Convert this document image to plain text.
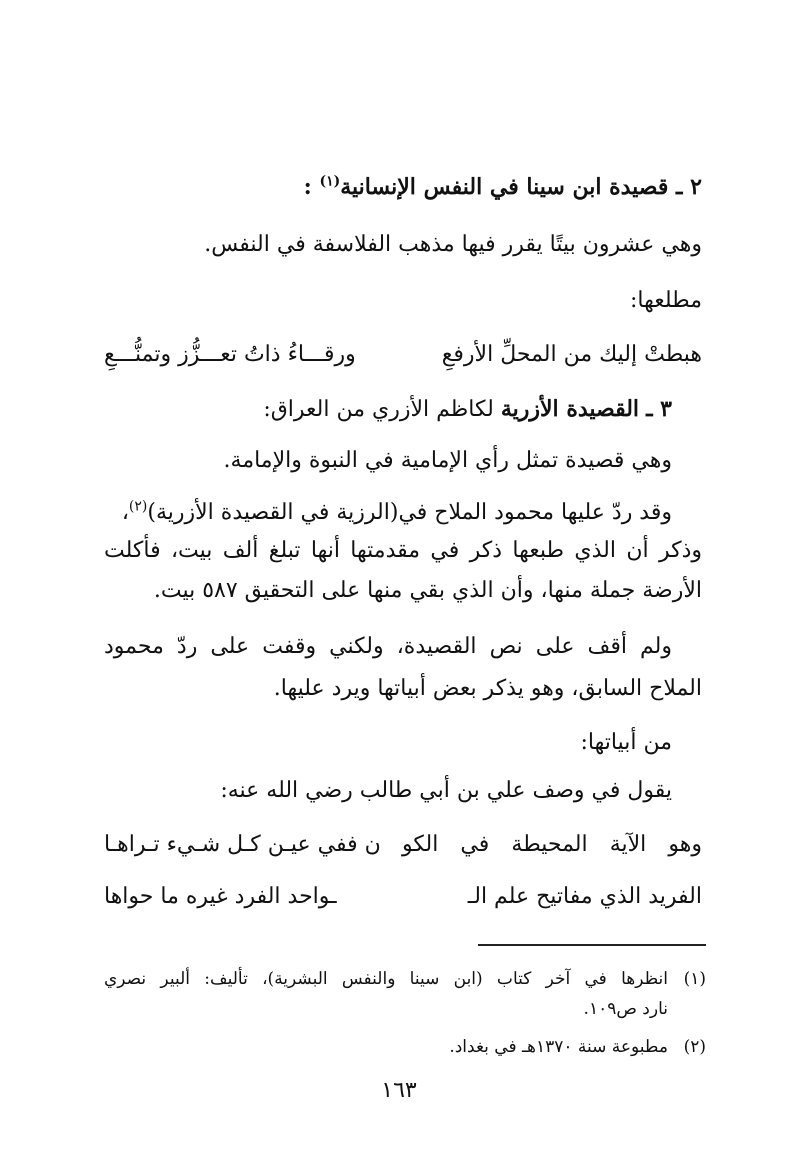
٢ ـ قصيدة ابن سينا في النفس الإنسانية$^{(١)}$ :
وهي عشرون بيتًا يقرر فيها مذهب الفلاسفة في النفس.
مطلعها:
هبطتْ إليك من المحلِّ الأرفعِ
ورقـــاءُ ذاتُ تعـــزُّز وتمنُّـــعِ
٣ ـ القصيدة الأزرية لكاظم الأزري من العراق:
وهي قصيدة تمثل رأي الإمامية في النبوة والإمامة.
وقد ردّ عليها محمود الملاح في(الرزية في القصيدة الأزرية)$^{(٢)}$،
وذكر أن الذي طبعها ذكر في مقدمتها أنها تبلغ ألف بيت، فأكلت
الأرضة جملة منها، وأن الذي بقي منها على التحقيق ٥٨٧ بيت.
ولم أقف على نص القصيدة، ولكني وقفت على ردّ محمود
الملاح السابق، وهو يذكر بعض أبياتها ويرد عليها.
من أبياتها:
يقول في وصف علي بن أبي طالب رضي الله عنه:
وهو الآية المحيطة في الكو
ن ففي عيـن كـل شـيء تـراهـا
الفريد الذي مفاتيح علم الـ
ـواحد الفرد غيره ما حواها
(١)
انظرها في آخر كتاب (ابن سينا والنفس البشرية)، تأليف: ألبير نصري
نارد ص١٠٩.
(٢)
مطبوعة سنة ١٣٧٠هـ في بغداد.
١٦٣
